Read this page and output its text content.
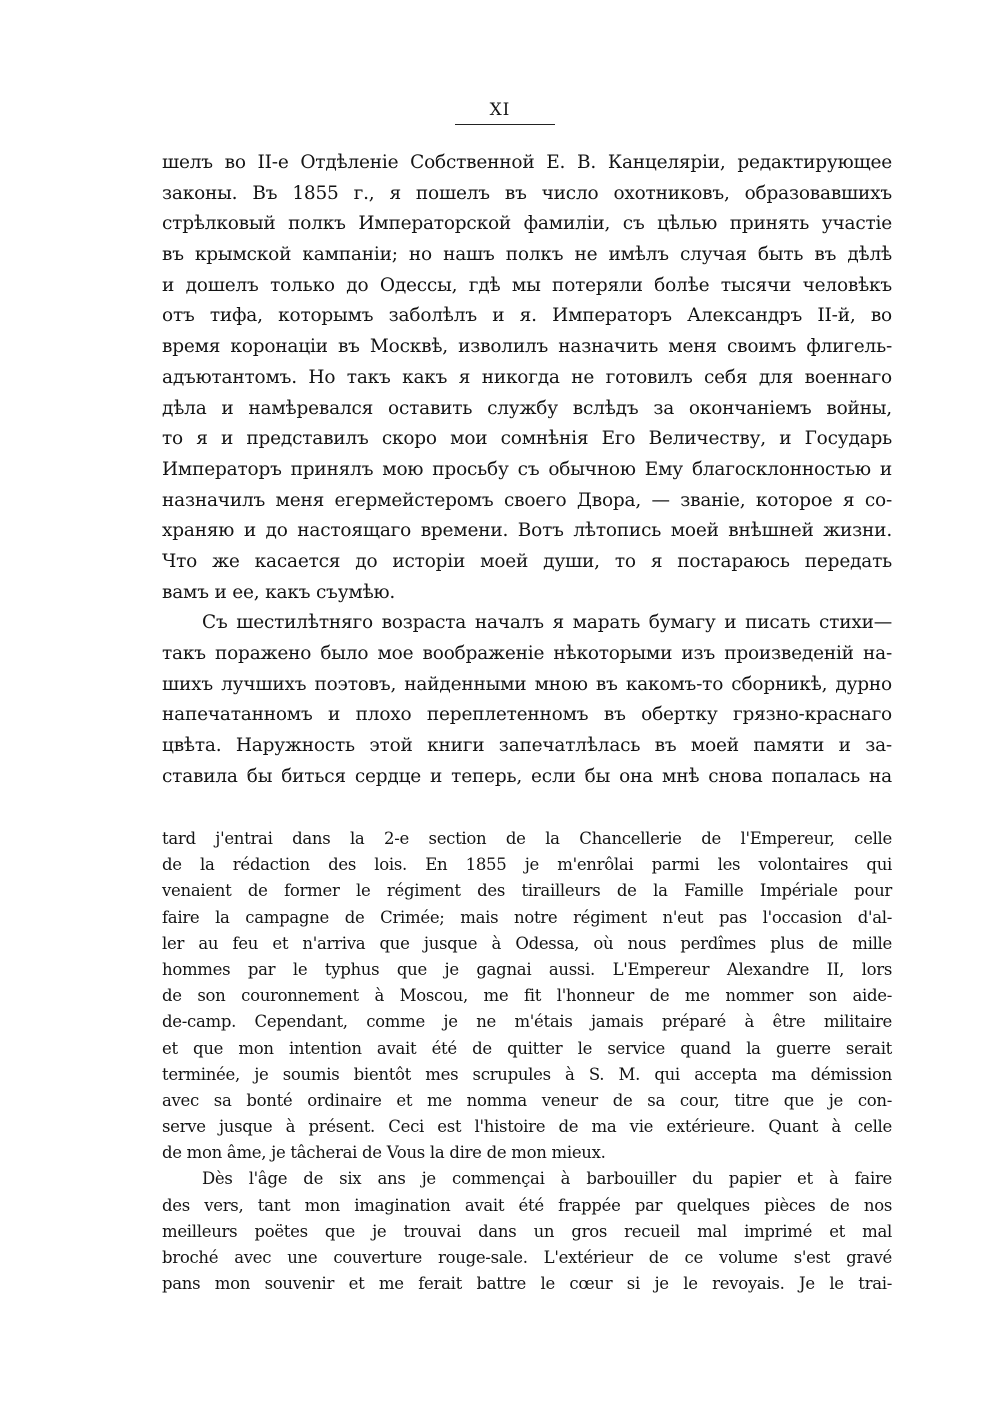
XI
шелъ во II-е Отдѣленіе Собственной Е. В. Канцеляріи, редактирующее
законы. Въ 1855 г., я пошелъ въ число охотниковъ, образовавшихъ
стрѣлковый полкъ Императорской фамиліи, съ цѣлью принять участіе
въ крымской кампаніи; но нашъ полкъ не имѣлъ случая быть въ дѣлѣ
и дошелъ только до Одессы, гдѣ мы потеряли болѣе тысячи человѣкъ
отъ тифа, которымъ заболѣлъ и я. Императоръ Александръ II-й, во
время коронаціи въ Москвѣ, изволилъ назначить меня своимъ флигель-
адъютантомъ. Но такъ какъ я никогда не готовилъ себя для военнаго
дѣла и намѣревался оставить службу вслѣдъ за окончаніемъ войны,
то я и представилъ скоро мои сомнѣнія Его Величеству, и Государь
Императоръ принялъ мою просьбу съ обычною Ему благосклонностью и
назначилъ меня егермейстеромъ своего Двора, — званіе, которое я со-
храняю и до настоящаго времени. Вотъ лѣтопись моей внѣшней жизни.
Что же касается до исторіи моей души, то я постараюсь передать
вамъ и ее, какъ съумѣю.
Съ шестилѣтняго возраста началъ я марать бумагу и писать стихи—
такъ поражено было мое воображеніе нѣкоторыми изъ произведеній на-
шихъ лучшихъ поэтовъ, найденными мною въ какомъ-то сборникѣ, дурно
напечатанномъ и плохо переплетенномъ въ обертку грязно-краснаго
цвѣта. Наружность этой книги запечатлѣлась въ моей памяти и за-
ставила бы биться сердце и теперь, если бы она мнѣ снова попалась на
tard j'entrai dans la 2-e section de la Chancellerie de l'Empereur, celle
de la rédaction des lois. En 1855 je m'enrôlai parmi les volontaires qui
venaient de former le régiment des tirailleurs de la Famille Impériale pour
faire la campagne de Crimée; mais notre régiment n'eut pas l'occasion d'al-
ler au feu et n'arriva que jusque à Odessa, où nous perdîmes plus de mille
hommes par le typhus que je gagnai aussi. L'Empereur Alexandre II, lors
de son couronnement à Moscou, me fit l'honneur de me nommer son aide-
de-camp. Cependant, comme je ne m'étais jamais préparé à être militaire
et que mon intention avait été de quitter le service quand la guerre serait
terminée, je soumis bientôt mes scrupules à S. M. qui accepta ma démission
avec sa bonté ordinaire et me nomma veneur de sa cour, titre que je con-
serve jusque à présent. Ceci est l'histoire de ma vie extérieure. Quant à celle
de mon âme, je tâcherai de Vous la dire de mon mieux.
Dès l'âge de six ans je commençai à barbouiller du papier et à faire
des vers, tant mon imagination avait été frappée par quelques pièces de nos
meilleurs poëtes que je trouvai dans un gros recueil mal imprimé et mal
broché avec une couverture rouge-sale. L'extérieur de ce volume s'est gravé
pans mon souvenir et me ferait battre le cœur si je le revoyais. Je le trai-
